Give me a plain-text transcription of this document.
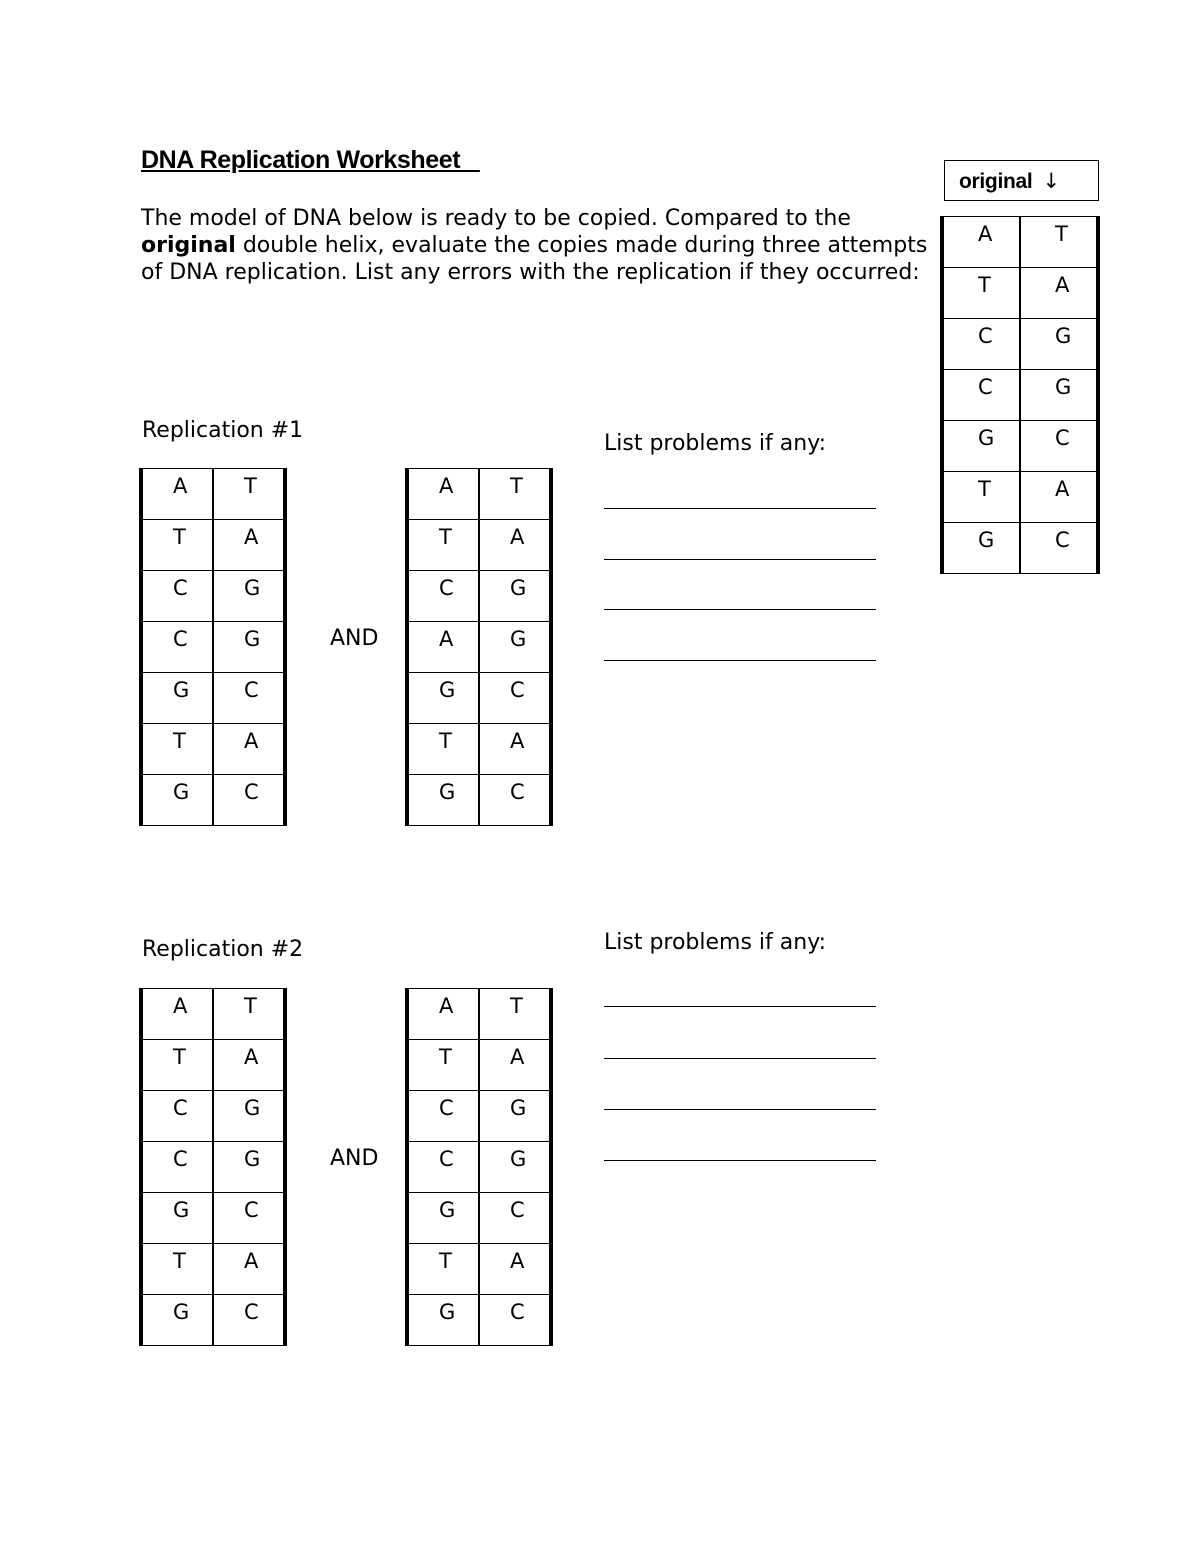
DNA Replication Worksheet
The model of DNA below is ready to be copied. Compared to the original double helix, evaluate the copies made during three attempts of DNA replication. List any errors with the replication if they occurred:
original ↓
A	T

T	A

C	G

C	G

G	C

T	A

G	C
Replication #1
List problems if any:
A	T

T	A

C	G

C	G

G	C

T	A

G	C
AND
A	T

T	A

C	G

A	G

G	C

T	A

G	C
Replication #2	List problems if any:
A	T

T	A

C	G

C	G

G	C

T	A

G	C
AND
A	T

T	A

C	G

C	G

G	C

T	A

G	C
